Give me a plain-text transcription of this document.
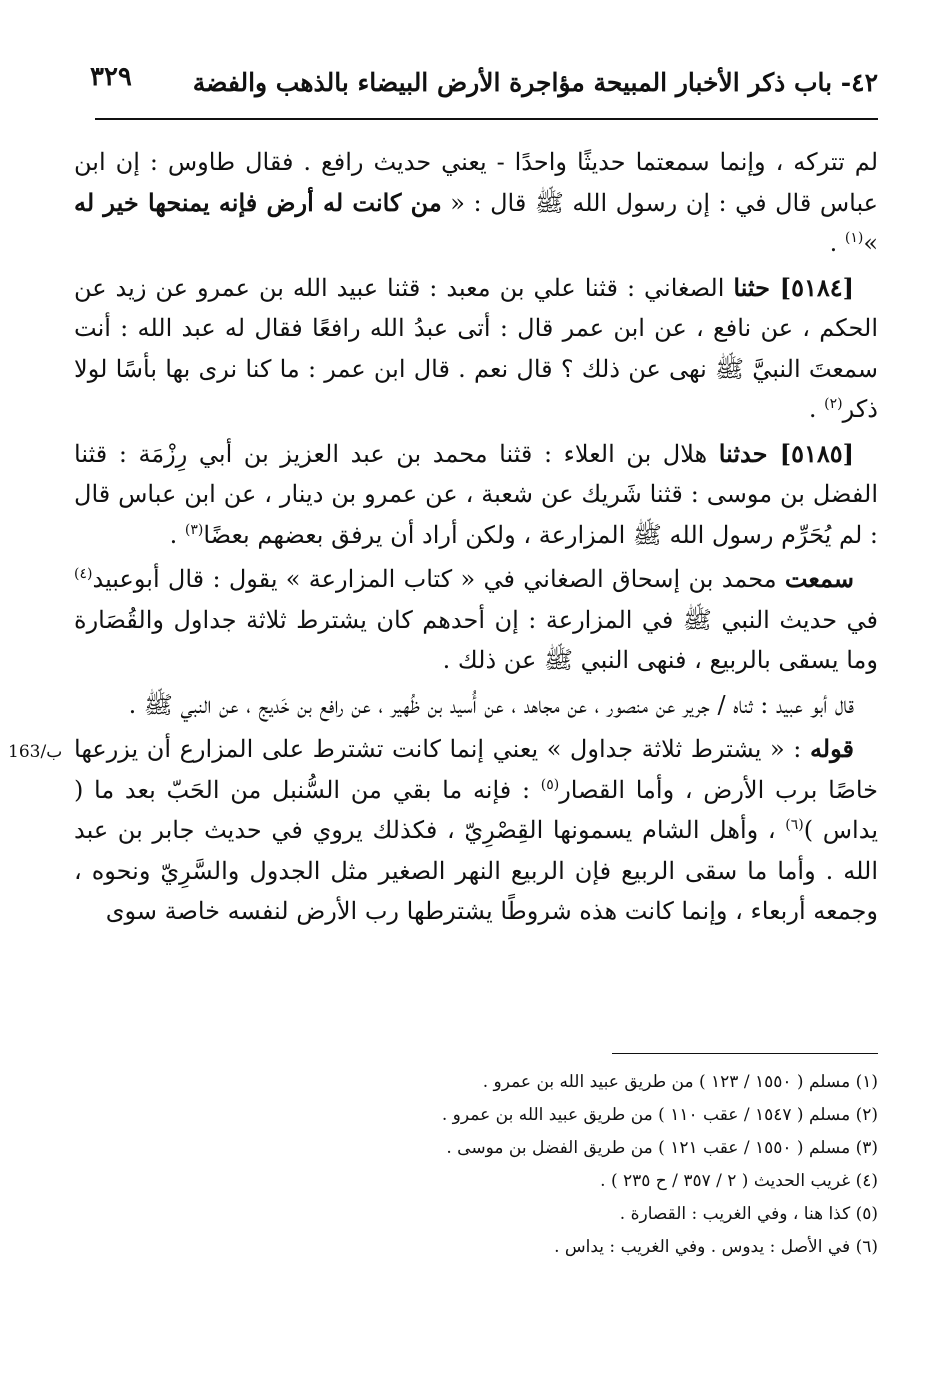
٤٢- باب ذكر الأخبار المبيحة مؤاجرة الأرض البيضاء بالذهب والفضة
٣٢٩
163/ب

لم تتركه ، وإنما سمعتما حديثًا واحدًا - يعني حديث رافع . فقال طاوس : إن ابن عباس قال في : إن رسول الله ﷺ قال : « من كانت له أرض فإنه يمنحها خير له »$^{(١)}$ .

[٥١٨٤] حثنا الصغاني : قثنا علي بن معبد : قثنا عبيد الله بن عمرو عن زيد عن الحكم ، عن نافع ، عن ابن عمر قال : أتى عبدُ الله رافعًا فقال له عبد الله : أنت سمعتَ النبيَّ ﷺ نهى عن ذلك ؟ قال نعم . قال ابن عمر : ما كنا نرى بها بأسًا لولا ذكر$^{(٢)}$ .

[٥١٨٥] حدثنا هلال بن العلاء : قثنا محمد بن عبد العزيز بن أبي رِزْمَة : قثنا الفضل بن موسى : قثنا شَريك عن شعبة ، عن عمرو بن دينار ، عن ابن عباس قال : لم يُحَرِّم رسول الله ﷺ المزارعة ، ولكن أراد أن يرفق بعضهم بعضًا$^{(٣)}$ .

سمعت محمد بن إسحاق الصغاني في « كتاب المزارعة » يقول : قال أبوعبيد$^{(٤)}$ في حديث النبي ﷺ في المزارعة : إن أحدهم كان يشترط ثلاثة جداول والقُصَارة وما يسقى بالربيع ، فنهى النبي ﷺ عن ذلك .

قال أبو عبيد : ثناه / جرير عن منصور ، عن مجاهد ، عن أُسيد بن ظُهير ، عن رافع بن خَديج ، عن النبي ﷺ .

قوله : « يشترط ثلاثة جداول » يعني إنما كانت تشترط على المزارع أن يزرعها خاصًا برب الأرض ، وأما القصار$^{(٥)}$ : فإنه ما بقي من السُّنبل من الحَبّ بعد ما ( يداس )$^{(٦)}$ ، وأهل الشام يسمونها القِصْرِيّ ، فكذلك يروي في حديث جابر بن عبد الله . وأما ما سقى الربيع فإن الربيع النهر الصغير مثل الجدول والسَّرِيّ ونحوه ، وجمعه أربعاء ، وإنما كانت هذه شروطًا يشترطها رب الأرض لنفسه خاصة سوى

(١) مسلم ( ١٥٥٠ / ١٢٣ ) من طريق عبيد الله بن عمرو .
(٢) مسلم ( ١٥٤٧ / عقب ١١٠ ) من طريق عبيد الله بن عمرو .
(٣) مسلم ( ١٥٥٠ / عقب ١٢١ ) من طريق الفضل بن موسى .
(٤) غريب الحديث ( ٢ / ٣٥٧ / ح ٢٣٥ ) .
(٥) كذا هنا ، وفي الغريب : القصارة .
(٦) في الأصل : يدوس . وفي الغريب : يداس .
